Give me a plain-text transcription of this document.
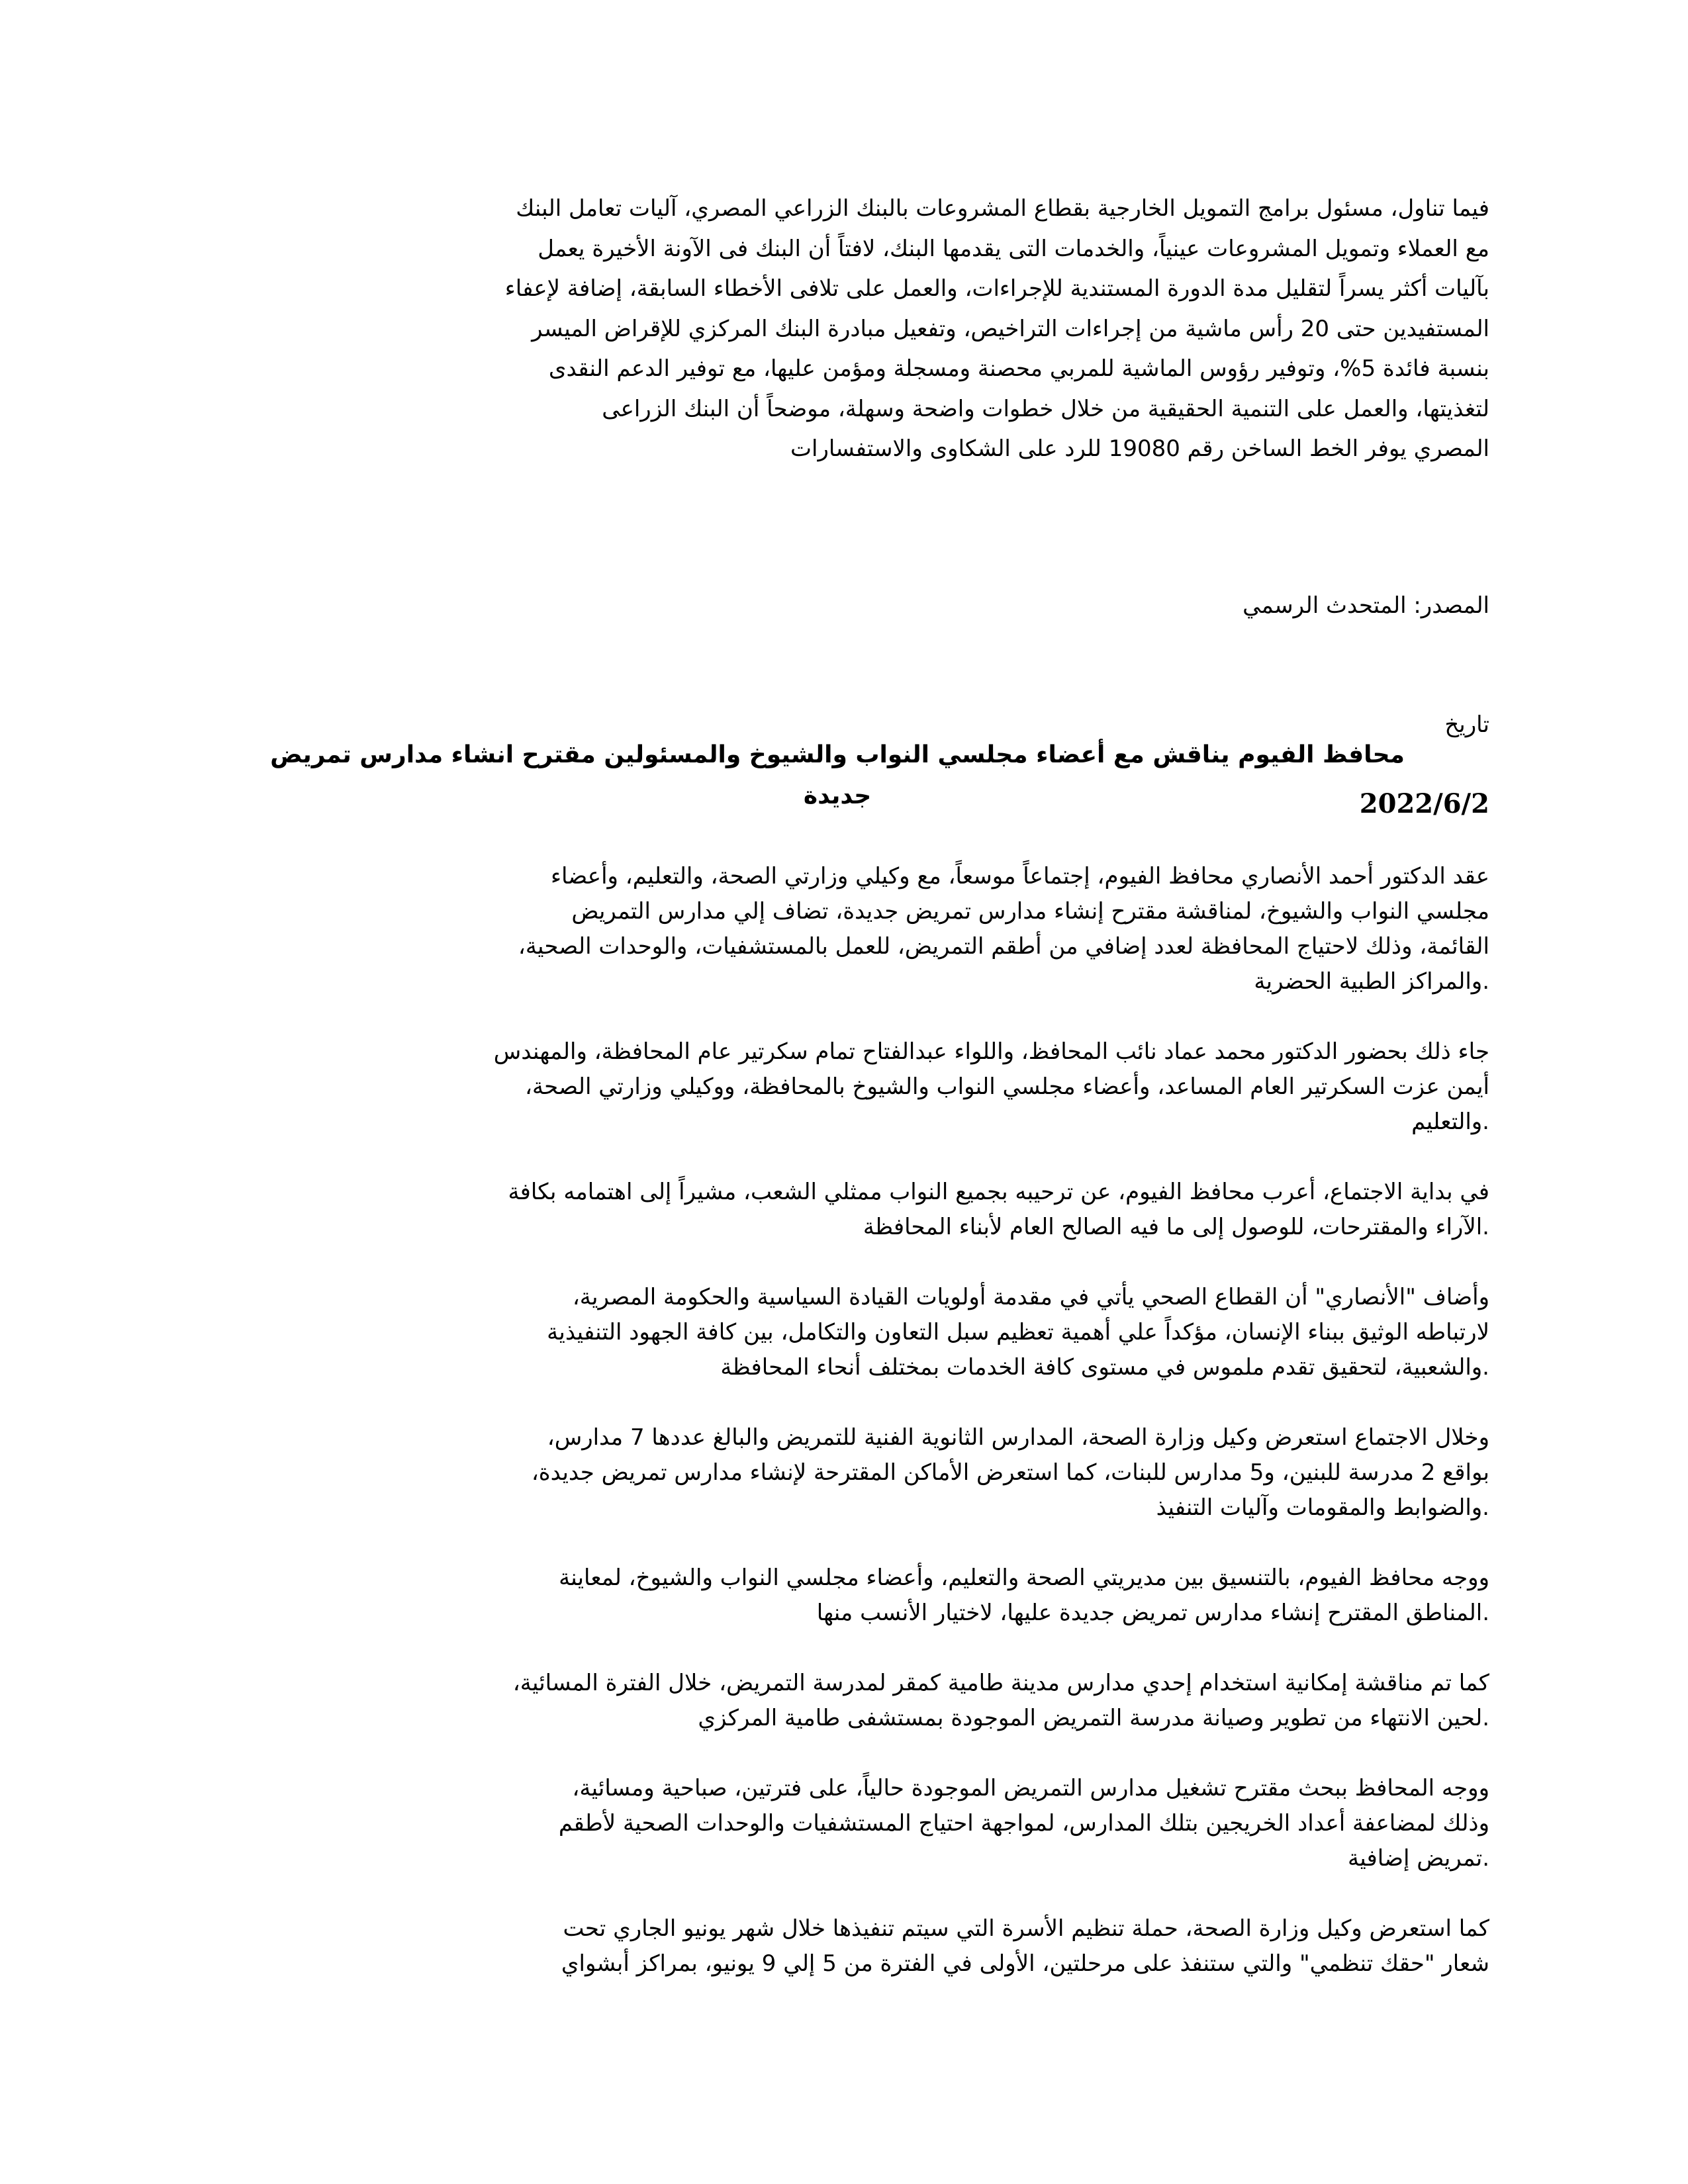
فيما تناول، مسئول برامج التمويل الخارجية بقطاع المشروعات بالبنك الزراعي المصري، آليات تعامل البنك
مع العملاء وتمويل المشروعات عينياً، والخدمات التى يقدمها البنك، لافتاً أن البنك فى الآونة الأخيرة يعمل
بآليات أكثر يسراً لتقليل مدة الدورة المستندية للإجراءات، والعمل على تلافى الأخطاء السابقة، إضافة لإعفاء
المستفيدين حتى 20 رأس ماشية من إجراءات التراخيص، وتفعيل مبادرة البنك المركزي للإقراض الميسر
بنسبة فائدة 5%، وتوفير رؤوس الماشية للمربي محصنة ومسجلة ومؤمن عليها، مع توفير الدعم النقدى
لتغذيتها، والعمل على التنمية الحقيقية من خلال خطوات واضحة وسهلة، موضحاً أن البنك الزراعى
المصري يوفر الخط الساخن رقم 19080 للرد على الشكاوى والاستفسارات
المصدر: المتحدث الرسمي

تاريخ

2022/6/2

محافظ الفيوم يناقش مع أعضاء مجلسي النواب والشيوخ والمسئولين مقترح انشاء مدارس تمريض
جديدة

عقد الدكتور أحمد الأنصاري محافظ الفيوم، إجتماعاً موسعاً، مع وكيلي وزارتي الصحة، والتعليم، وأعضاء
مجلسي النواب والشيوخ، لمناقشة مقترح إنشاء مدارس تمريض جديدة، تضاف إلي مدارس التمريض
القائمة، وذلك لاحتياج المحافظة لعدد إضافي من أطقم التمريض، للعمل بالمستشفيات، والوحدات الصحية،
.والمراكز الطبية الحضرية

جاء ذلك بحضور الدكتور محمد عماد نائب المحافظ، واللواء عبدالفتاح تمام سكرتير عام المحافظة، والمهندس
أيمن عزت السكرتير العام المساعد، وأعضاء مجلسي النواب والشيوخ بالمحافظة، ووكيلي وزارتي الصحة،
.والتعليم

في بداية الاجتماع، أعرب محافظ الفيوم، عن ترحيبه بجميع النواب ممثلي الشعب، مشيراً إلى اهتمامه بكافة
.الآراء والمقترحات، للوصول إلى ما فيه الصالح العام لأبناء المحافظة

وأضاف "الأنصاري" أن القطاع الصحي يأتي في مقدمة أولويات القيادة السياسية والحكومة المصرية،
لارتباطه الوثيق ببناء الإنسان، مؤكداً علي أهمية تعظيم سبل التعاون والتكامل، بين كافة الجهود التنفيذية
.والشعبية، لتحقيق تقدم ملموس في مستوى كافة الخدمات بمختلف أنحاء المحافظة

وخلال الاجتماع استعرض وكيل وزارة الصحة، المدارس الثانوية الفنية للتمريض والبالغ عددها 7 مدارس،
بواقع 2 مدرسة للبنين، و5 مدارس للبنات، كما استعرض الأماكن المقترحة لإنشاء مدارس تمريض جديدة،
.والضوابط والمقومات وآليات التنفيذ

ووجه محافظ الفيوم، بالتنسيق بين مديريتي الصحة والتعليم، وأعضاء مجلسي النواب والشيوخ، لمعاينة
.المناطق المقترح إنشاء مدارس تمريض جديدة عليها، لاختيار الأنسب منها

كما تم مناقشة إمكانية استخدام إحدي مدارس مدينة طامية كمقر لمدرسة التمريض، خلال الفترة المسائية،
.لحين الانتهاء من تطوير وصيانة مدرسة التمريض الموجودة بمستشفى طامية المركزي

ووجه المحافظ ببحث مقترح تشغيل مدارس التمريض الموجودة حالياً، على فترتين، صباحية ومسائية،
وذلك لمضاعفة أعداد الخريجين بتلك المدارس، لمواجهة احتياج المستشفيات والوحدات الصحية لأطقم
.تمريض إضافية

كما استعرض وكيل وزارة الصحة، حملة تنظيم الأسرة التي سيتم تنفيذها خلال شهر يونيو الجاري تحت
شعار "حقك تنظمي" والتي ستنفذ على مرحلتين، الأولى في الفترة من 5 إلي 9 يونيو، بمراكز أبشواي
